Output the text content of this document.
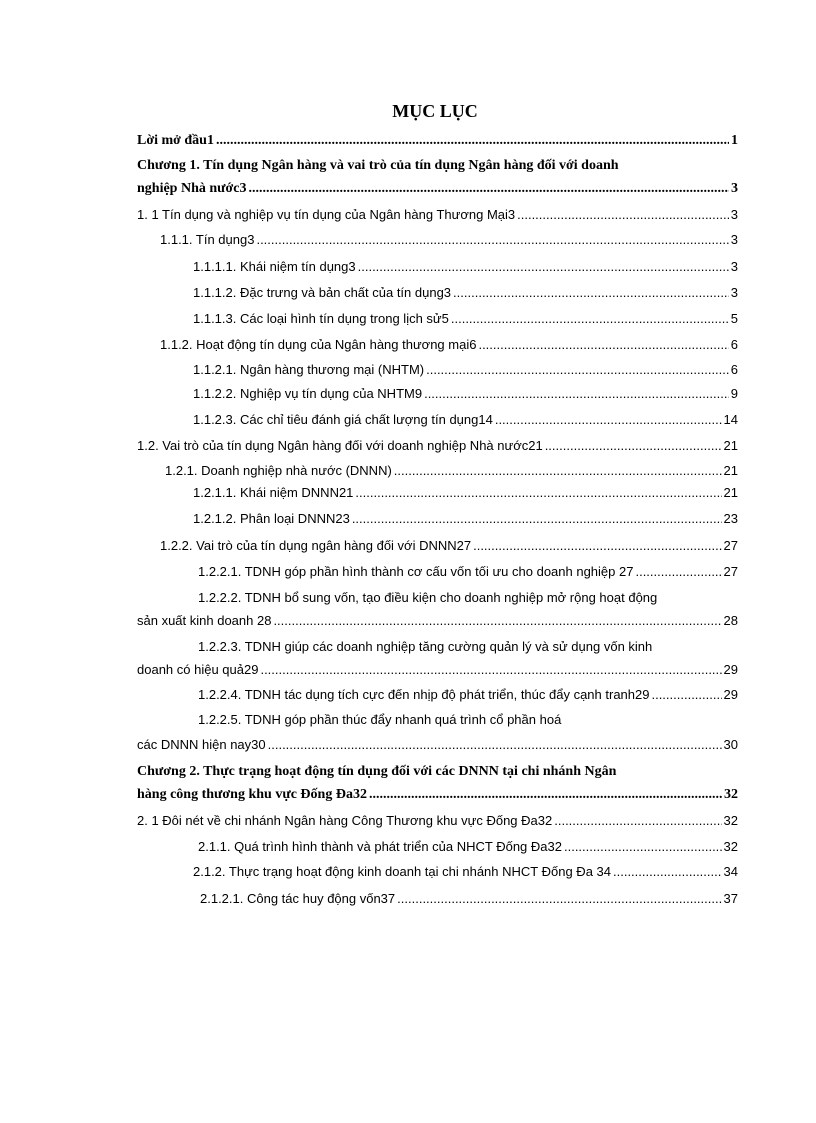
MỤC LỤC
Lời mở đầu1 .....	1
Chương 1. Tín dụng Ngân hàng và vai trò của tín dụng Ngân hàng đối với doanh
nghiệp Nhà nước3 .....	3
1. 1 Tín dụng và nghiệp vụ tín dụng của Ngân hàng Thương Mại3 .....	3
1.1.1. Tín dụng3 .....	3
1.1.1.1. Khái niệm tín dụng3 .....	3
1.1.1.2. Đặc trưng và bản chất của tín dụng3 .....	3
1.1.1.3. Các loại hình tín dụng trong lịch sử5 .....	5
1.1.2. Hoạt động tín dụng của Ngân hàng thương mại6 .....	6
1.1.2.1. Ngân hàng thương mại (NHTM) .....	6
1.1.2.2. Nghiệp vụ tín dụng của NHTM9 .....	9
1.1.2.3. Các chỉ tiêu đánh giá chất lượng tín dụng14 .....	14
1.2. Vai trò của tín dụng Ngân hàng đối với doanh nghiệp Nhà nước21 .....	21
1.2.1. Doanh nghiệp nhà nước (DNNN) .....	21
1.2.1.1. Khái niệm DNNN21 .....	21
1.2.1.2. Phân loại DNNN23 .....	23
1.2.2. Vai trò của tín dụng ngân hàng đối với DNNN27 .....	27
1.2.2.1. TDNH góp phần hình thành cơ cấu vốn tối ưu cho doanh nghiệp 27 .....	27
1.2.2.2. TDNH bổ sung vốn, tạo điều kiện cho doanh nghiệp mở rộng hoạt động
sản xuất kinh doanh 28 .....	28
1.2.2.3. TDNH giúp các doanh nghiệp tăng cường quản lý và sử dụng vốn kinh
doanh có hiệu quả29 .....	29
1.2.2.4. TDNH tác dụng tích cực đến nhịp độ phát triển, thúc đẩy cạnh tranh29 .....	29
1.2.2.5. TDNH góp phần thúc đẩy nhanh quá trình cổ phần hoá
các DNNN hiện nay30 .....	30
Chương 2. Thực trạng hoạt động tín dụng đối với các DNNN tại chi nhánh Ngân
hàng công thương khu vực Đống Đa32 .....	32
2. 1 Đôi nét về chi nhánh Ngân hàng Công Thương khu vực Đống Đa32 .....	32
2.1.1. Quá trình hình thành và phát triển của NHCT Đống Đa32 .....	32
2.1.2. Thực trạng hoạt động kinh doanh tại chi nhánh NHCT Đống Đa 34 .....	34
2.1.2.1. Công tác huy động vốn37 .....	37
